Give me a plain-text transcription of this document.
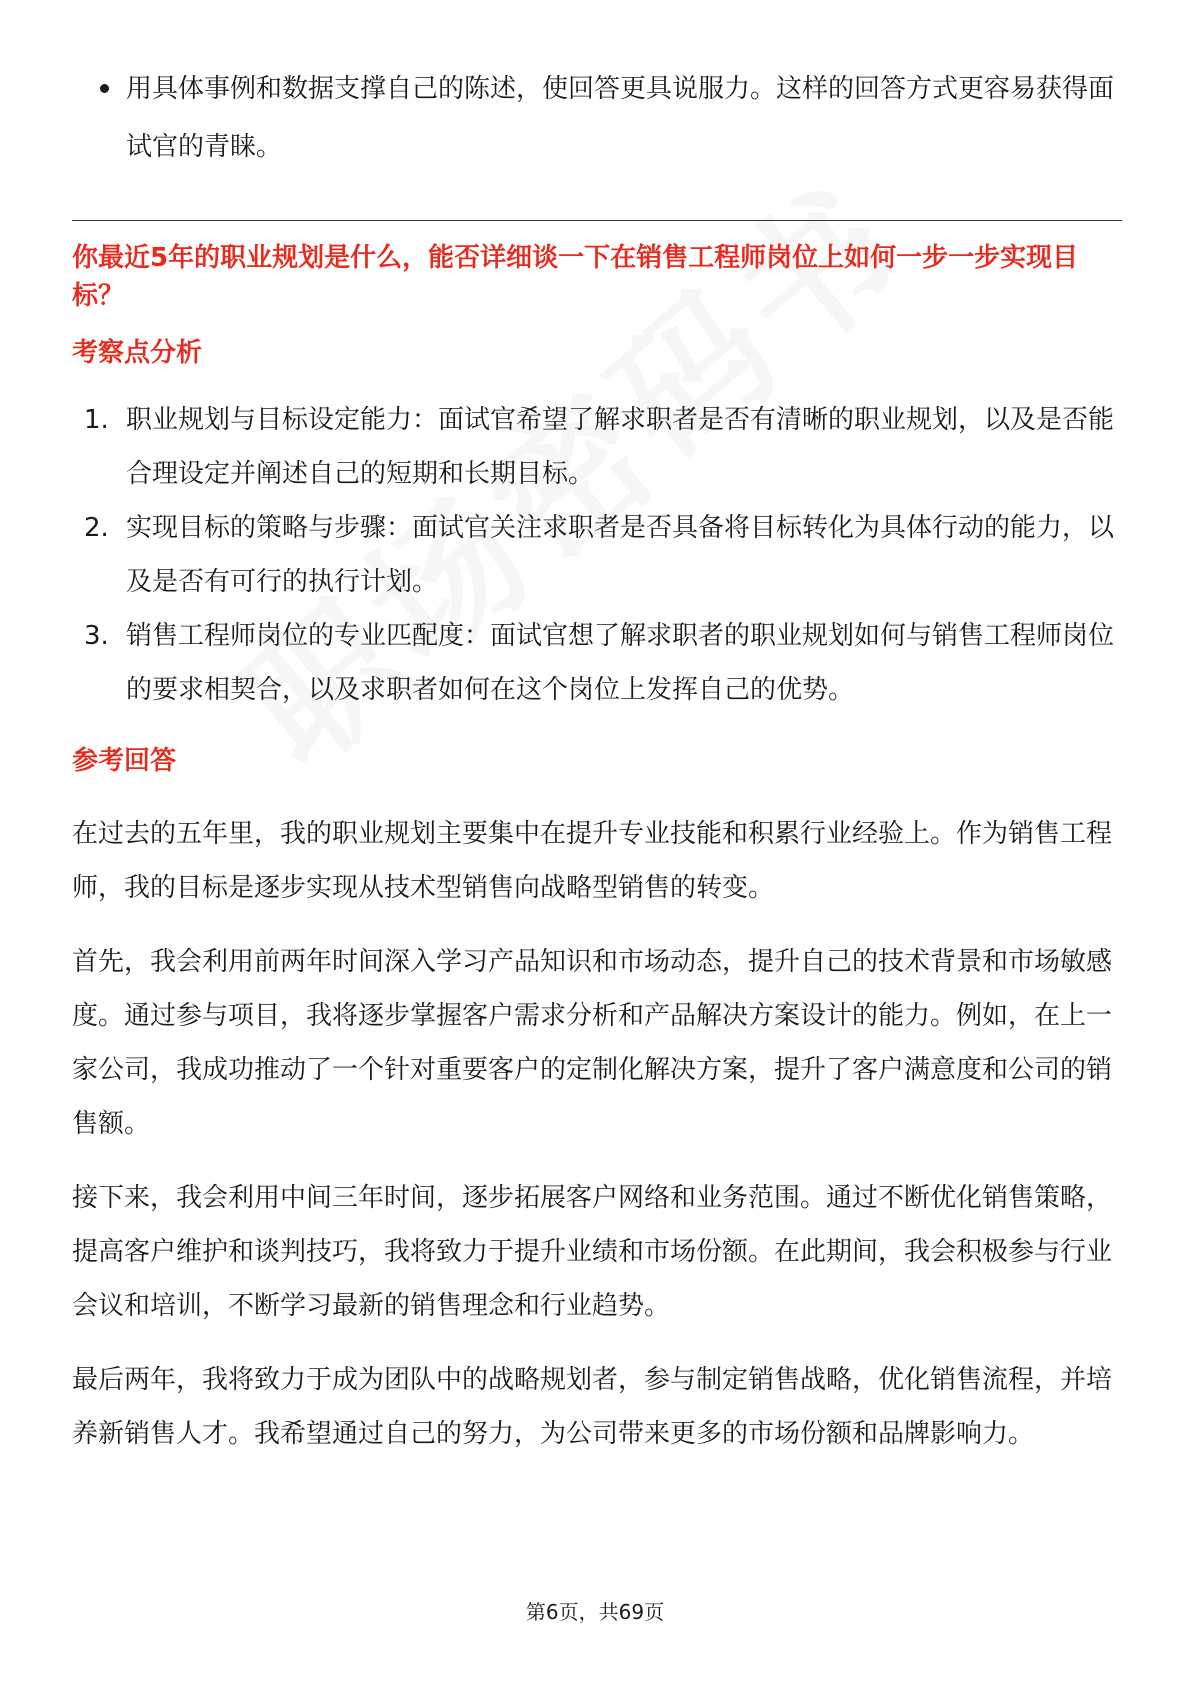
用具体事例和数据支撑自己的陈述，使回答更具说服力。这样的回答方式更容易获得面试官的青睐。
你最近5年的职业规划是什么，能否详细谈一下在销售工程师岗位上如何一步一步实现目标？
考察点分析
1. 职业规划与目标设定能力：面试官希望了解求职者是否有清晰的职业规划，以及是否能合理设定并阐述自己的短期和长期目标。
2. 实现目标的策略与步骤：面试官关注求职者是否具备将目标转化为具体行动的能力，以及是否有可行的执行计划。
3. 销售工程师岗位的专业匹配度：面试官想了解求职者的职业规划如何与销售工程师岗位的要求相契合，以及求职者如何在这个岗位上发挥自己的优势。
参考回答

在过去的五年里，我的职业规划主要集中在提升专业技能和积累行业经验上。作为销售工程师，我的目标是逐步实现从技术型销售向战略型销售的转变。

首先，我会利用前两年时间深入学习产品知识和市场动态，提升自己的技术背景和市场敏感度。通过参与项目，我将逐步掌握客户需求分析和产品解决方案设计的能力。例如，在上一家公司，我成功推动了一个针对重要客户的定制化解决方案，提升了客户满意度和公司的销售额。

接下来，我会利用中间三年时间，逐步拓展客户网络和业务范围。通过不断优化销售策略，提高客户维护和谈判技巧，我将致力于提升业绩和市场份额。在此期间，我会积极参与行业会议和培训，不断学习最新的销售理念和行业趋势。

最后两年，我将致力于成为团队中的战略规划者，参与制定销售战略，优化销售流程，并培养新销售人才。我希望通过自己的努力，为公司带来更多的市场份额和品牌影响力。

第6页，共69页
